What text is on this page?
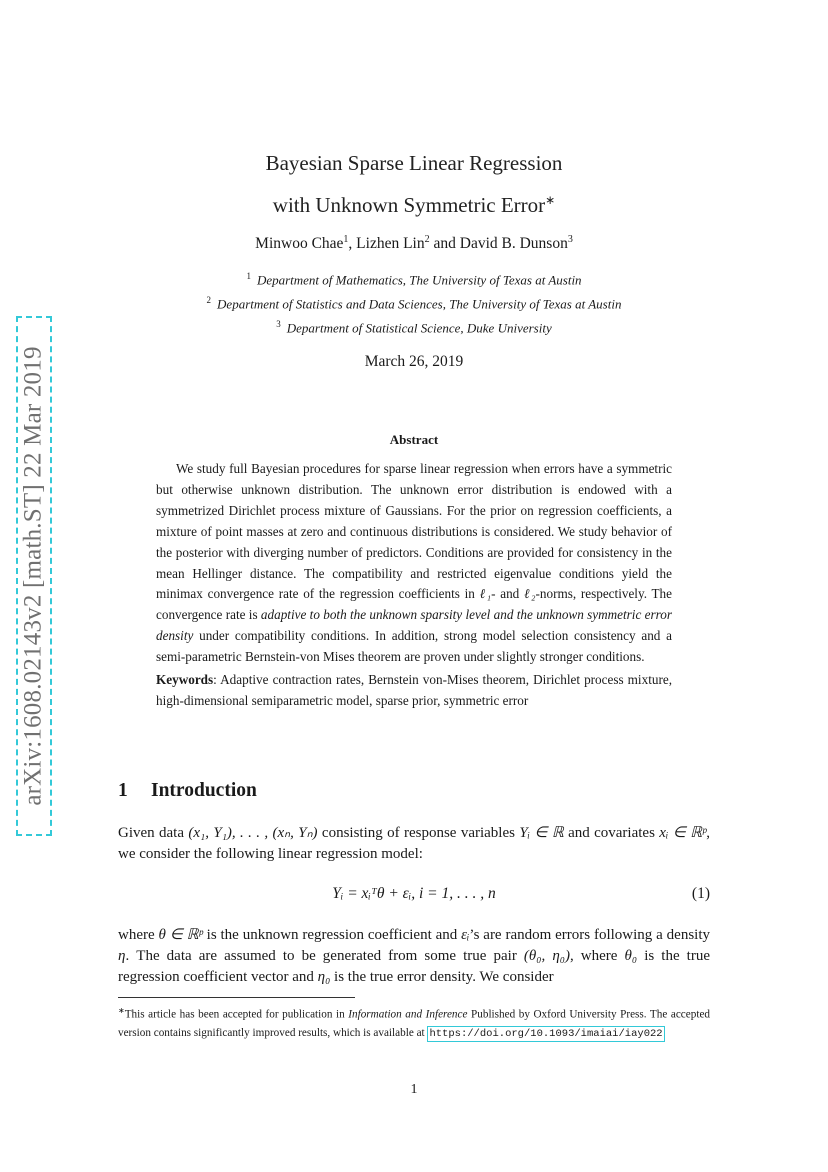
arXiv:1608.02143v2 [math.ST] 22 Mar 2019
Bayesian Sparse Linear Regression
with Unknown Symmetric Error∗
Minwoo Chae$^1$, Lizhen Lin$^2$ and David B. Dunson$^3$
$^1$ Department of Mathematics, The University of Texas at Austin
$^2$ Department of Statistics and Data Sciences, The University of Texas at Austin
$^3$ Department of Statistical Science, Duke University
March 26, 2019
Abstract

We study full Bayesian procedures for sparse linear regression when errors have a symmetric but otherwise unknown distribution. The unknown error distribution is endowed with a symmetrized Dirichlet process mixture of Gaussians. For the prior on regression coefficients, a mixture of point masses at zero and continuous distributions is considered. We study behavior of the posterior with diverging number of predictors. Conditions are provided for consistency in the mean Hellinger distance. The compatibility and restricted eigenvalue conditions yield the minimax convergence rate of the regression coefficients in ℓ₁- and ℓ₂-norms, respectively. The convergence rate is adaptive to both the unknown sparsity level and the unknown symmetric error density under compatibility conditions. In addition, strong model selection consistency and a semi-parametric Bernstein-von Mises theorem are proven under slightly stronger conditions.

Keywords: Adaptive contraction rates, Bernstein von-Mises theorem, Dirichlet process mixture, high-dimensional semiparametric model, sparse prior, symmetric error

1 Introduction
Given data (x₁, Y₁), . . . , (xₙ, Yₙ) consisting of response variables Yᵢ ∈ ℝ and covariates xᵢ ∈ ℝᵖ, we consider the following linear regression model:
Yᵢ = xᵢᵀθ + εᵢ, i = 1, . . . , n	(1)
where θ ∈ ℝᵖ is the unknown regression coefficient and εᵢ’s are random errors following a density η. The data are assumed to be generated from some true pair (θ₀, η₀), where θ₀ is the true regression coefficient vector and η₀ is the true error density. We consider
∗This article has been accepted for publication in Information and Inference Published by Oxford University Press. The accepted version contains significantly improved results, which is available at https://doi.org/10.1093/imaiai/iay022
1
